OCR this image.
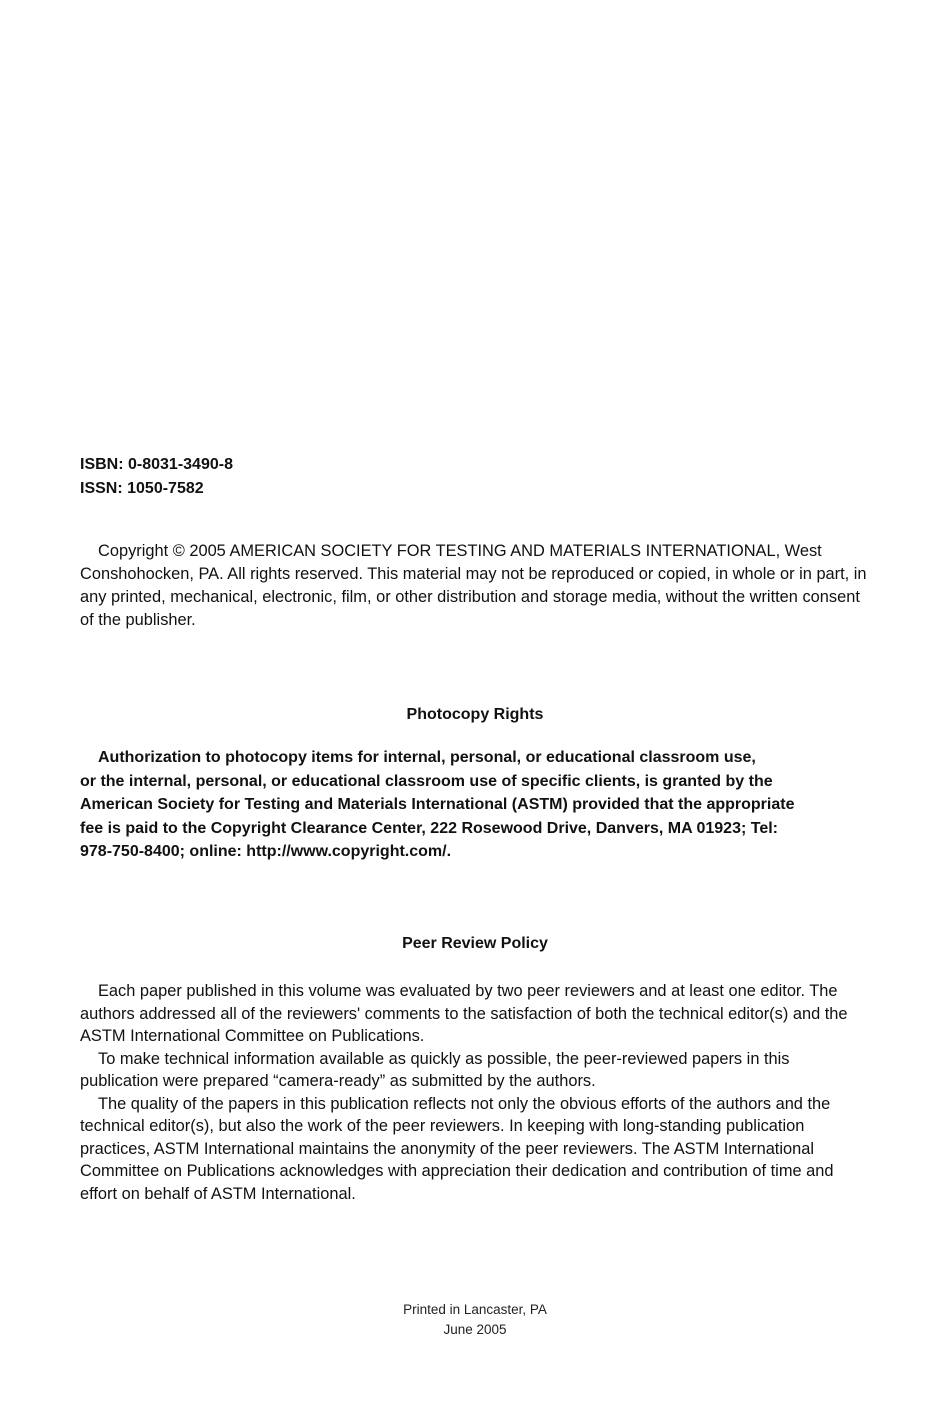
ISBN: 0-8031-3490-8
ISSN: 1050-7582
Copyright © 2005 AMERICAN SOCIETY FOR TESTING AND MATERIALS INTERNATIONAL, West Conshohocken, PA. All rights reserved. This material may not be reproduced or copied, in whole or in part, in any printed, mechanical, electronic, film, or other distribution and storage media, without the written consent of the publisher.
Photocopy Rights
Authorization to photocopy items for internal, personal, or educational classroom use,
or the internal, personal, or educational classroom use of specific clients, is granted by the
American Society for Testing and Materials International (ASTM) provided that the appropriate
fee is paid to the Copyright Clearance Center, 222 Rosewood Drive, Danvers, MA 01923; Tel:
978-750-8400; online: http://www.copyright.com/.
Peer Review Policy

Each paper published in this volume was evaluated by two peer reviewers and at least one editor. The authors addressed all of the reviewers' comments to the satisfaction of both the technical editor(s) and the ASTM International Committee on Publications.

To make technical information available as quickly as possible, the peer-reviewed papers in this publication were prepared “camera-ready” as submitted by the authors.

The quality of the papers in this publication reflects not only the obvious efforts of the authors and the technical editor(s), but also the work of the peer reviewers. In keeping with long-standing publication practices, ASTM International maintains the anonymity of the peer reviewers. The ASTM International Committee on Publications acknowledges with appreciation their dedication and contribution of time and effort on behalf of ASTM International.

Printed in Lancaster, PA
June 2005
